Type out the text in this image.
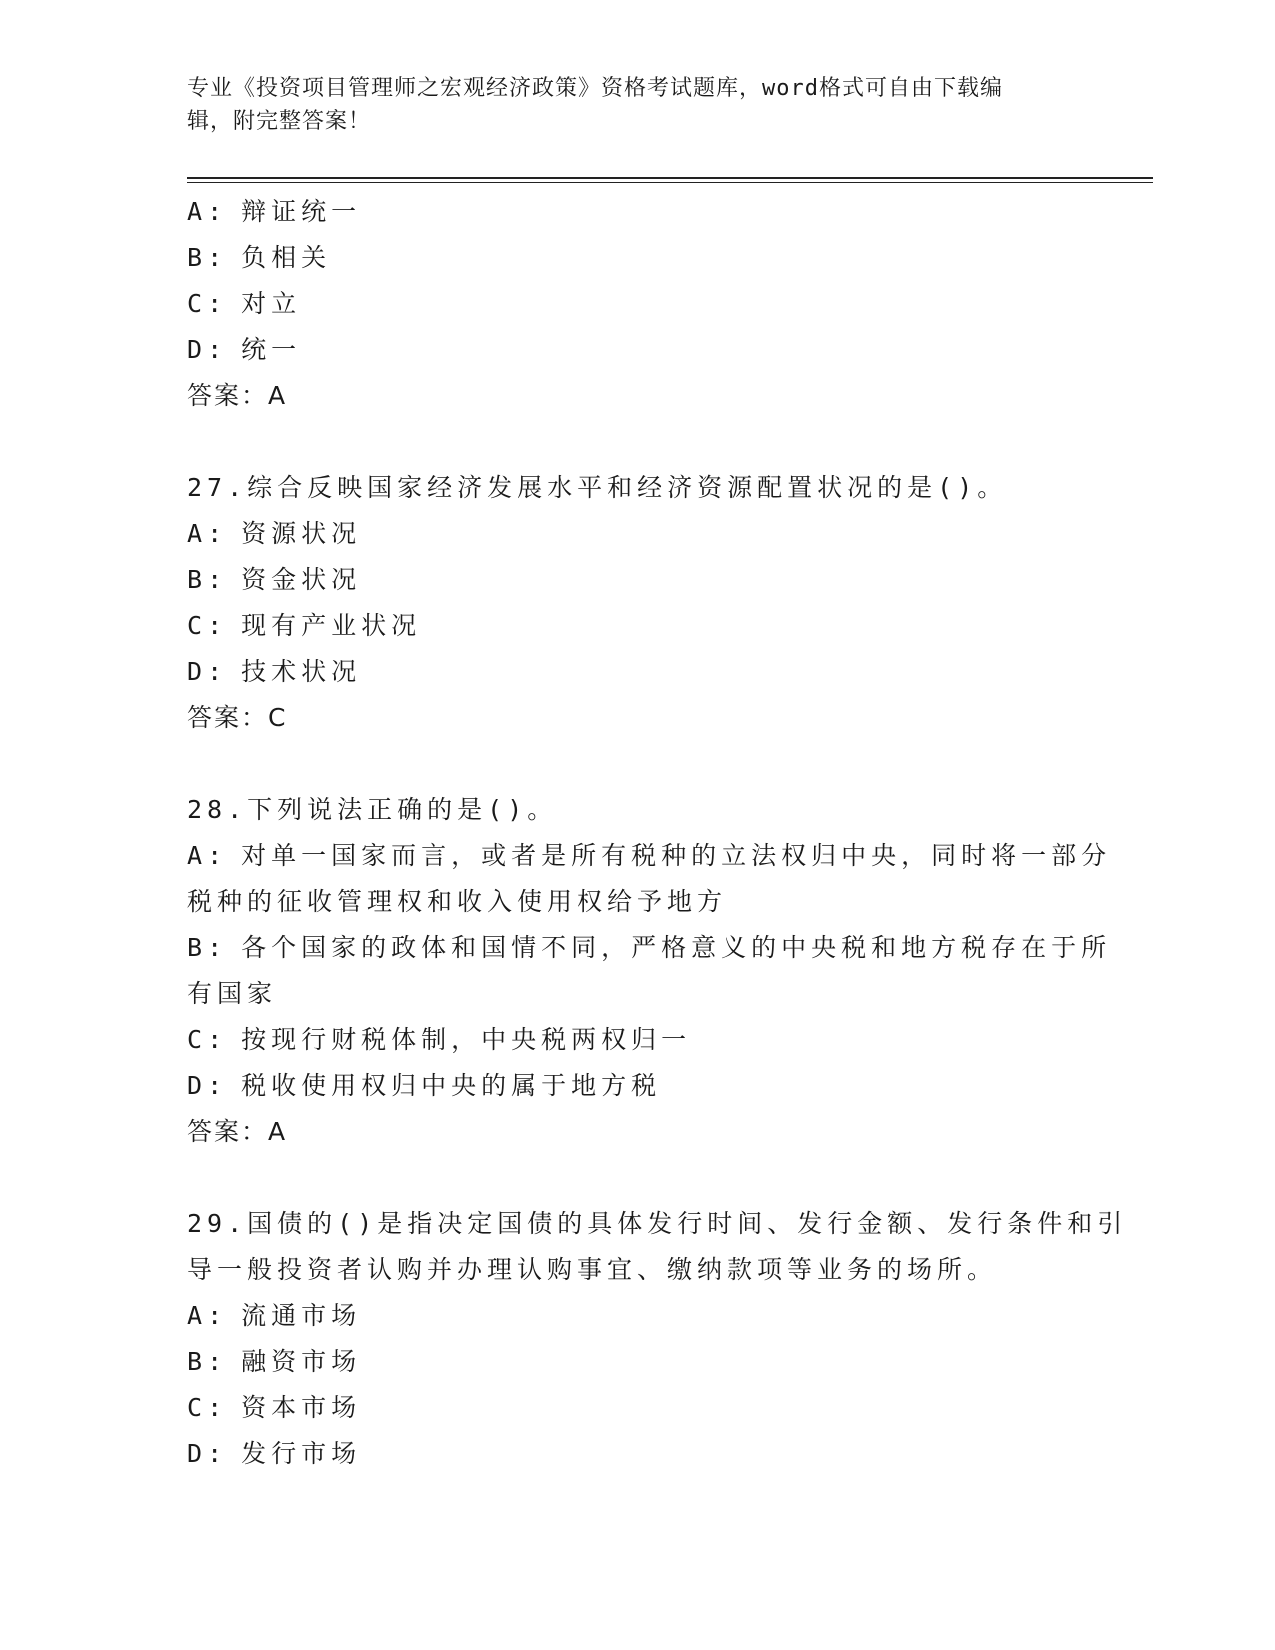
专业《投资项目管理师之宏观经济政策》资格考试题库，word格式可自由下载编
辑，附完整答案！
A : 辩证统一
B : 负相关
C : 对立
D : 统一
答案：A
27.综合反映国家经济发展水平和经济资源配置状况的是()。
A : 资源状况
B : 资金状况
C : 现有产业状况
D : 技术状况
答案：C
28.下列说法正确的是()。
A : 对单一国家而言，或者是所有税种的立法权归中央，同时将一部分
税种的征收管理权和收入使用权给予地方
B : 各个国家的政体和国情不同，严格意义的中央税和地方税存在于所
有国家
C : 按现行财税体制，中央税两权归一
D : 税收使用权归中央的属于地方税
答案：A
29.国债的()是指决定国债的具体发行时间、发行金额、发行条件和引
导一般投资者认购并办理认购事宜、缴纳款项等业务的场所。
A : 流通市场
B : 融资市场
C : 资本市场
D : 发行市场
